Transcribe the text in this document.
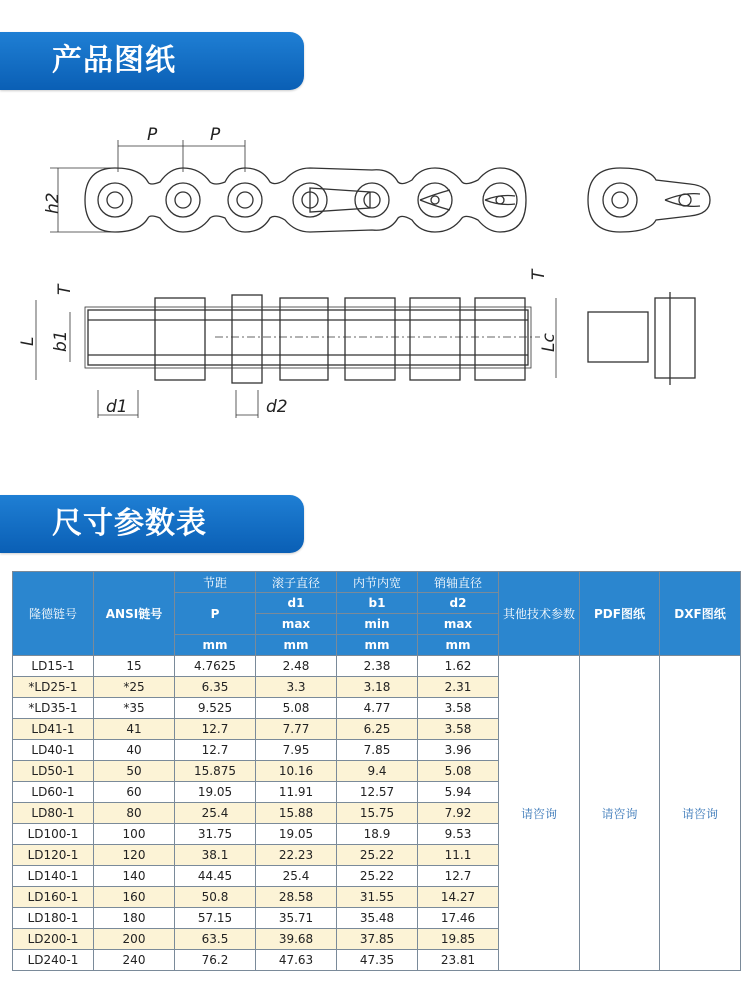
产品图纸
P	P
h2
T
T
L b1	Lc
d1	d2
尺寸参数表
隆德链号	ANSI链号	节距	滚子直径	内节内宽	销轴直径	其他技术参数	PDF图纸	DXF图纸
		P	d1	b1	d2			
			max	min	max			
		mm	mm	mm	mm			
LD15-1	15	4.7625	2.48	2.38	1.62	请咨询	请咨询	请咨询
*LD25-1	*25	6.35	3.3	3.18	2.31			
*LD35-1	*35	9.525	5.08	4.77	3.58			
LD41-1	41	12.7	7.77	6.25	3.58			
LD40-1	40	12.7	7.95	7.85	3.96			
LD50-1	50	15.875	10.16	9.4	5.08			
LD60-1	60	19.05	11.91	12.57	5.94			
LD80-1	80	25.4	15.88	15.75	7.92			
LD100-1	100	31.75	19.05	18.9	9.53			
LD120-1	120	38.1	22.23	25.22	11.1			
LD140-1	140	44.45	25.4	25.22	12.7			
LD160-1	160	50.8	28.58	31.55	14.27			
LD180-1	180	57.15	35.71	35.48	17.46			
LD200-1	200	63.5	39.68	37.85	19.85			
LD240-1	240	76.2	47.63	47.35	23.81			
